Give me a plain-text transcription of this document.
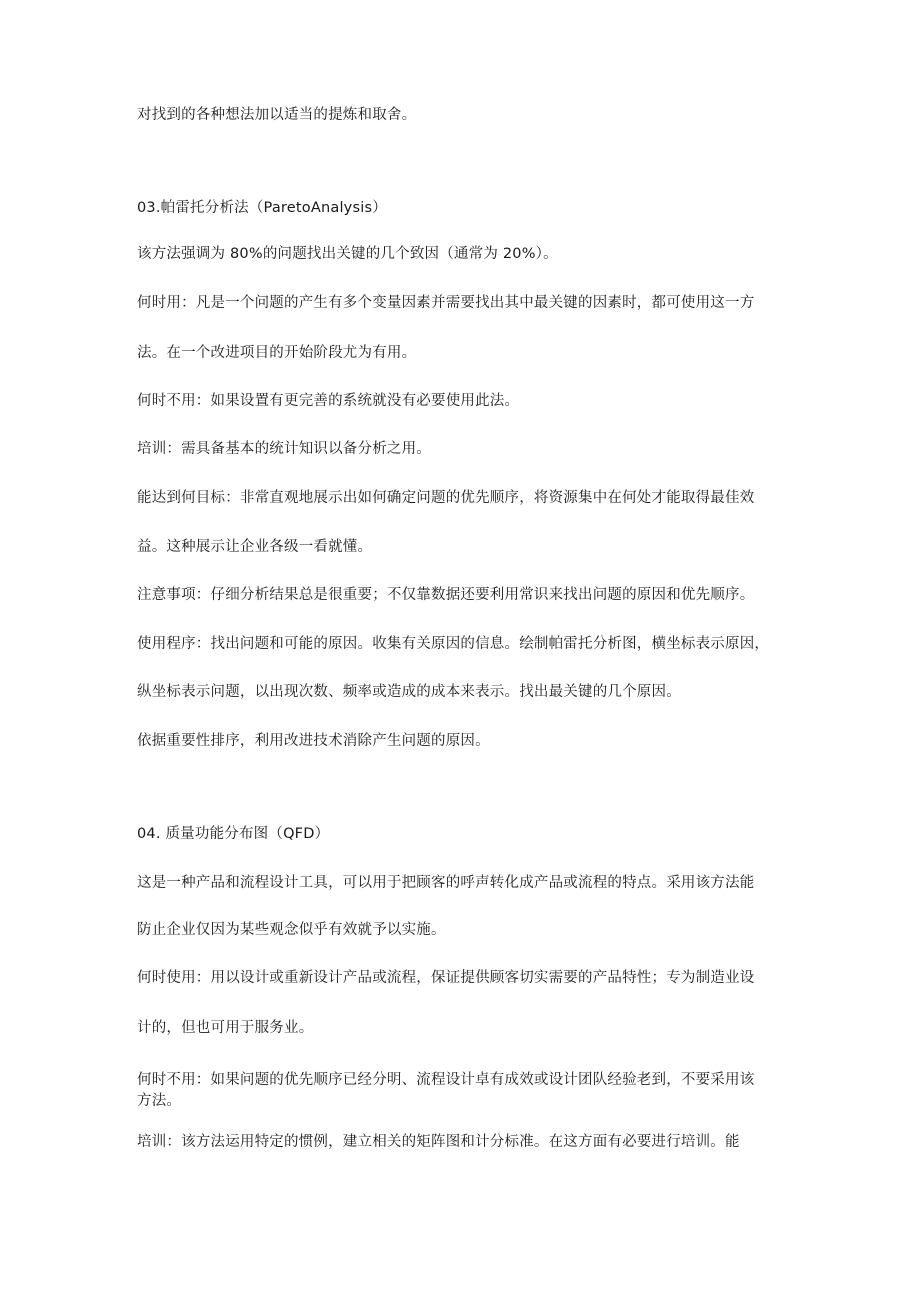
对找到的各种想法加以适当的提炼和取舍。
03.帕雷托分析法（ParetoAnalysis）
该方法强调为 80%的问题找出关键的几个致因（通常为 20%）。
何时用：凡是一个问题的产生有多个变量因素并需要找出其中最关键的因素时，都可使用这一方
法。在一个改进项目的开始阶段尤为有用。
何时不用：如果设置有更完善的系统就没有必要使用此法。
培训：需具备基本的统计知识以备分析之用。
能达到何目标：非常直观地展示出如何确定问题的优先顺序，将资源集中在何处才能取得最佳效
益。这种展示让企业各级一看就懂。
注意事项：仔细分析结果总是很重要；不仅靠数据还要利用常识来找出问题的原因和优先顺序。
使用程序：找出问题和可能的原因。收集有关原因的信息。绘制帕雷托分析图，横坐标表示原因，
纵坐标表示问题，以出现次数、频率或造成的成本来表示。找出最关键的几个原因。
依据重要性排序，利用改进技术消除产生问题的原因。
04. 质量功能分布图（QFD）
这是一种产品和流程设计工具，可以用于把顾客的呼声转化成产品或流程的特点。采用该方法能
防止企业仅因为某些观念似乎有效就予以实施。
何时使用：用以设计或重新设计产品或流程，保证提供顾客切实需要的产品特性；专为制造业设
计的，但也可用于服务业。
何时不用：如果问题的优先顺序已经分明、流程设计卓有成效或设计团队经验老到，不要采用该
方法。
培训：该方法运用特定的惯例，建立相关的矩阵图和计分标准。在这方面有必要进行培训。能
